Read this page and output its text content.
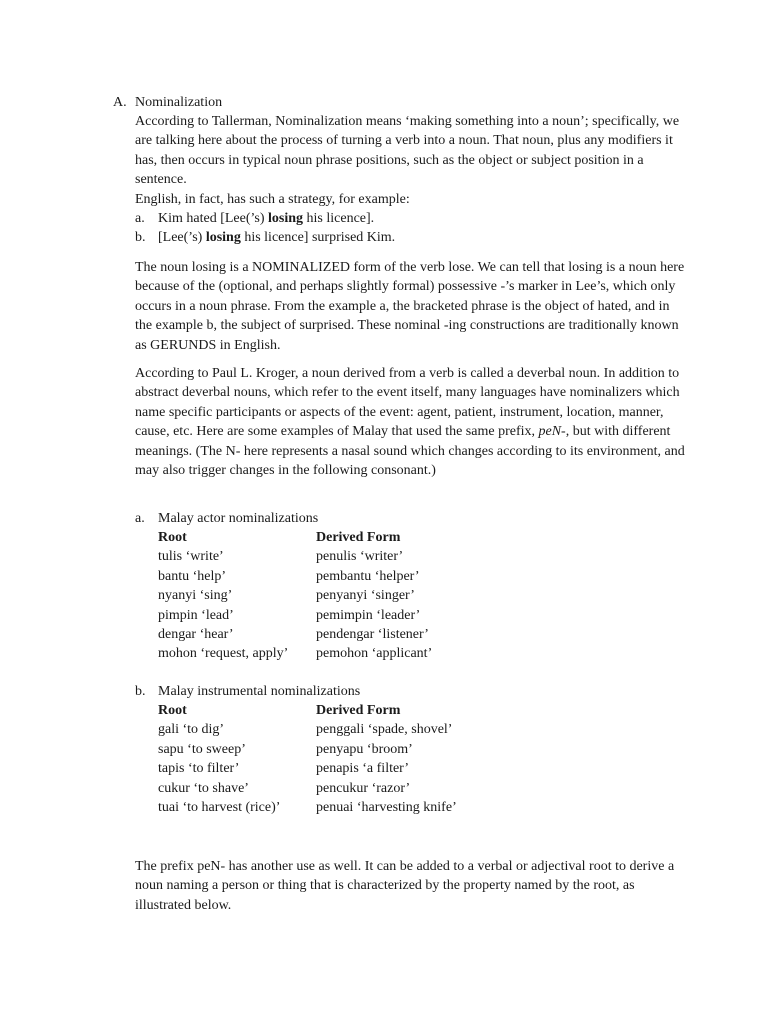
A. Nominalization
According to Tallerman, Nominalization means ‘making something into a noun’; specifically, we are talking here about the process of turning a verb into a noun. That noun, plus any modifiers it has, then occurs in typical noun phrase positions, such as the object or subject position in a sentence.
English, in fact, has such a strategy, for example:
a. Kim hated [Lee(’s) losing his licence].
b. [Lee(’s) losing his licence] surprised Kim.
The noun losing is a NOMINALIZED form of the verb lose. We can tell that losing is a noun here because of the (optional, and perhaps slightly formal) possessive -’s marker in Lee’s, which only occurs in a noun phrase. From the example a, the bracketed phrase is the object of hated, and in the example b, the subject of surprised. These nominal -ing constructions are traditionally known as GERUNDS in English.
According to Paul L. Kroger, a noun derived from a verb is called a deverbal noun. In addition to abstract deverbal nouns, which refer to the event itself, many languages have nominalizers which name specific participants or aspects of the event: agent, patient, instrument, location, manner, cause, etc. Here are some examples of Malay that used the same prefix, peN-, but with different meanings. (The N- here represents a nasal sound which changes according to its environment, and may also trigger changes in the following consonant.)
a. Malay actor nominalizations
Root	Derived Form
tulis ‘write’	penulis ‘writer’
bantu ‘help’	pembantu ‘helper’
nyanyi ‘sing’	penyanyi ‘singer’
pimpin ‘lead’	pemimpin ‘leader’
dengar ‘hear’	pendengar ‘listener’
mohon ‘request, apply’	pemohon ‘applicant’
b. Malay instrumental nominalizations
Root	Derived Form
gali ‘to dig’	penggali ‘spade, shovel’
sapu ‘to sweep’	penyapu ‘broom’
tapis ‘to filter’	penapis ‘a filter’
cukur ‘to shave’	pencukur ‘razor’
tuai ‘to harvest (rice)’	penuai ‘harvesting knife’
The prefix peN- has another use as well. It can be added to a verbal or adjectival root to derive a noun naming a person or thing that is characterized by the property named by the root, as illustrated below.
